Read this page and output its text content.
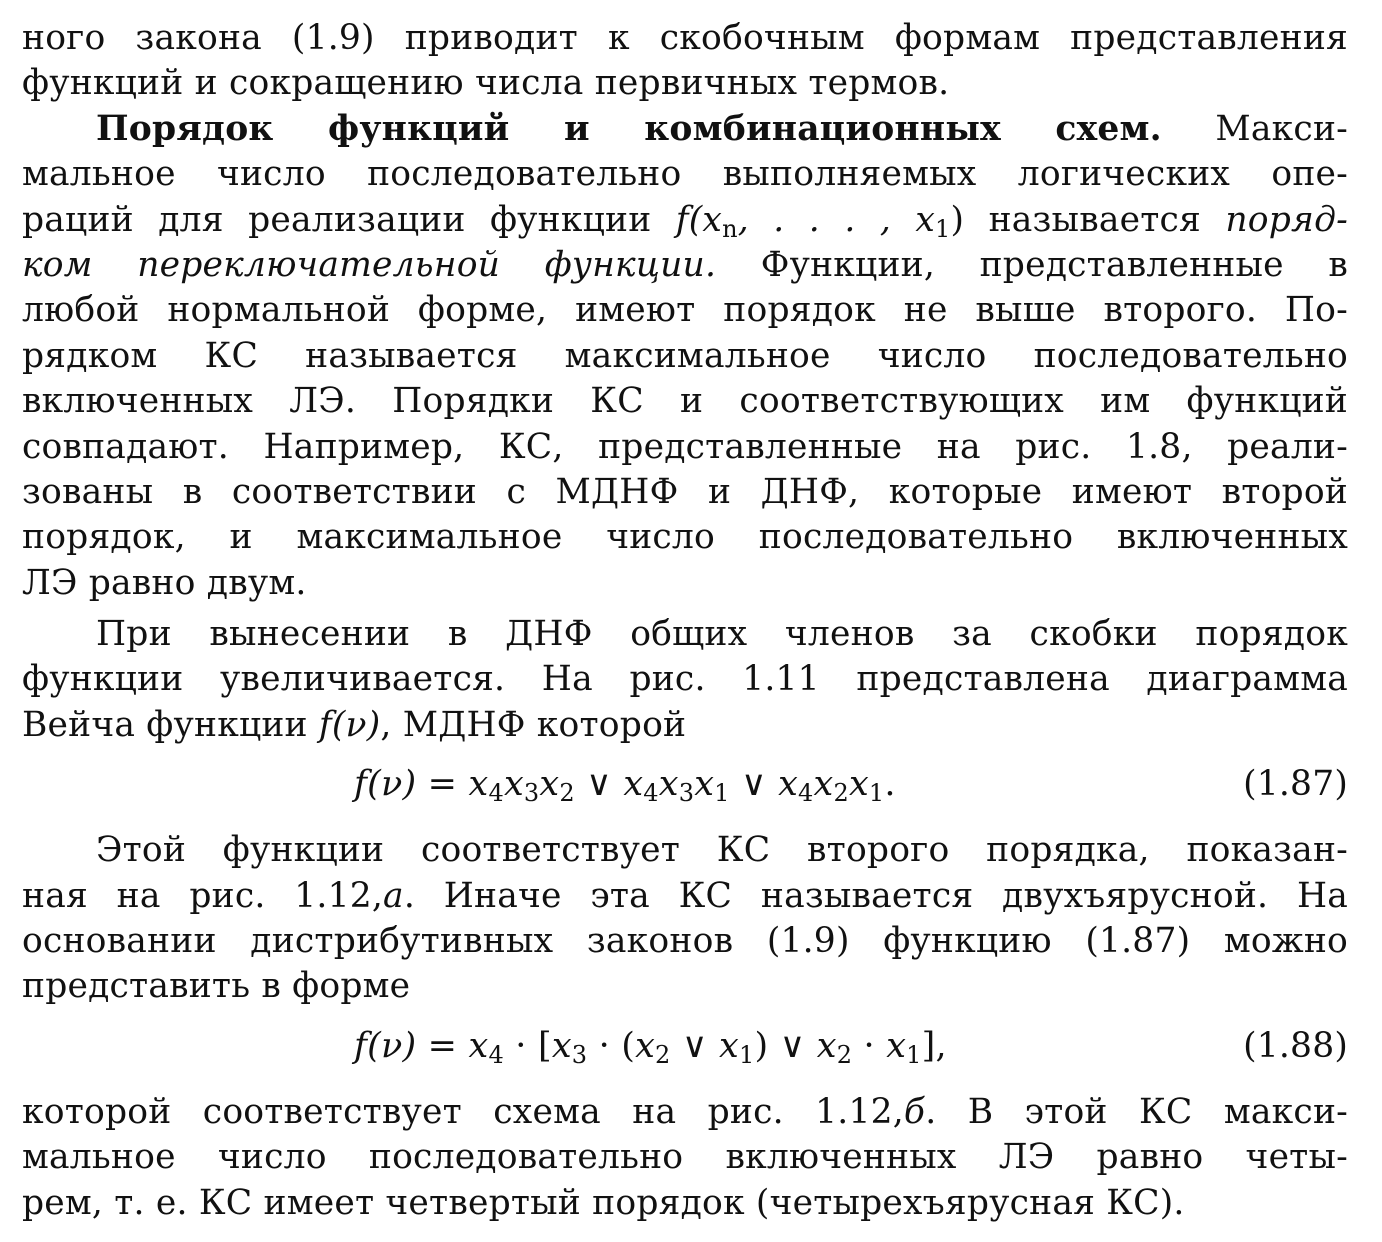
ного закона (1.9) приводит к скобочным формам представления
функций и сокращению числа первичных термов.
Порядок функций и комбинационных схем. Макси-
мальное число последовательно выполняемых логических опе-
раций для реализации функции $f(x_n$, . . . , $x_1$) называется поряд-
ком переключательной функции. Функции, представленные в
любой нормальной форме, имеют порядок не выше второго. По-
рядком КС называется максимальное число последовательно
включенных ЛЭ. Порядки КС и соответствующих им функций
совпадают. Например, КС, представленные на рис. 1.8, реали-
зованы в соответствии с МДНФ и ДНФ, которые имеют второй
порядок, и максимальное число последовательно включенных
ЛЭ равно двум.
При вынесении в ДНФ общих членов за скобки порядок
функции увеличивается. На рис. 1.11 представлена диаграмма
Вейча функции f(ν), МДНФ которой
$f(\nu) = x_4x_3x_2$ ∨ $x_4x_3x_1$ ∨ $x_4x_2x_1$.	(1.87)
Этой функции соответствует КС второго порядка, показан-
ная на рис. 1.12,а. Иначе эта КС называется двухъярусной. На
основании дистрибутивных законов (1.9) функцию (1.87) можно
представить в форме
$f(\nu) = x_4 \cdot [x_3 \cdot (x_2$ ∨ $x_1$) ∨ $x_2 \cdot x_1$],	(1.88)
которой соответствует схема на рис. 1.12,б. В этой КС макси-
мальное число последовательно включенных ЛЭ равно четы-
рем, т. е. КС имеет четвертый порядок (четырехъярусная КС).
